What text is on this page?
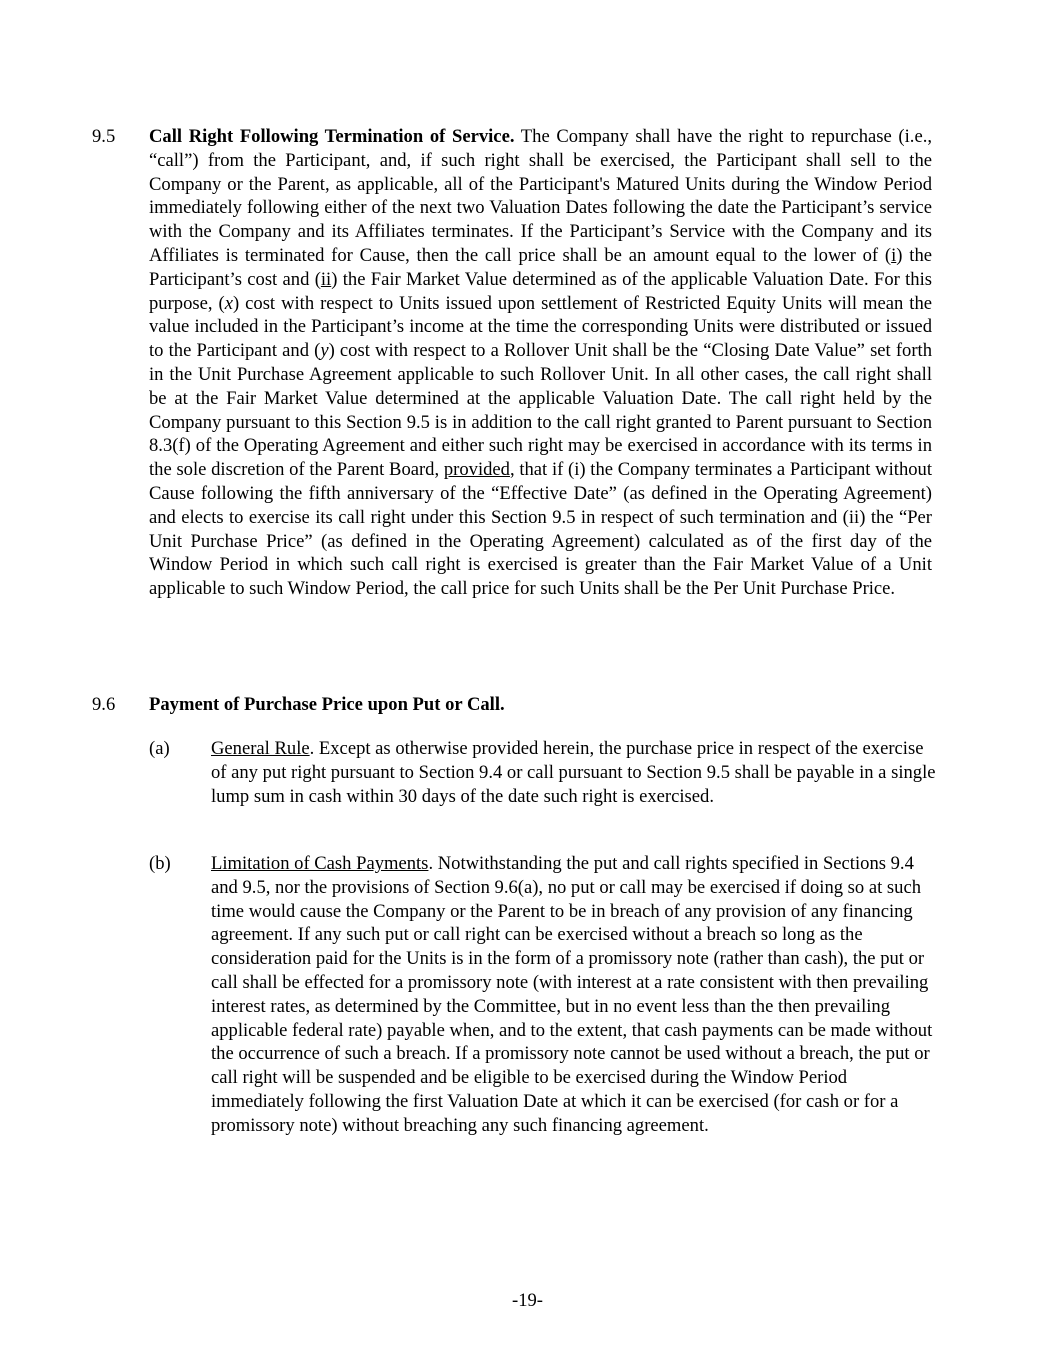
9.5 Call Right Following Termination of Service. The Company shall have the right to repurchase (i.e., “call”) from the Participant, and, if such right shall be exercised, the Participant shall sell to the Company or the Parent, as applicable, all of the Participant's Matured Units during the Window Period immediately following either of the next two Valuation Dates following the date the Participant’s service with the Company and its Affiliates terminates. If the Participant’s Service with the Company and its Affiliates is terminated for Cause, then the call price shall be an amount equal to the lower of (i) the Participant’s cost and (ii) the Fair Market Value determined as of the applicable Valuation Date. For this purpose, (x) cost with respect to Units issued upon settlement of Restricted Equity Units will mean the value included in the Participant’s income at the time the corresponding Units were distributed or issued to the Participant and (y) cost with respect to a Rollover Unit shall be the “Closing Date Value” set forth in the Unit Purchase Agreement applicable to such Rollover Unit. In all other cases, the call right shall be at the Fair Market Value determined at the applicable Valuation Date. The call right held by the Company pursuant to this Section 9.5 is in addition to the call right granted to Parent pursuant to Section 8.3(f) of the Operating Agreement and either such right may be exercised in accordance with its terms in the sole discretion of the Parent Board, provided, that if (i) the Company terminates a Participant without Cause following the fifth anniversary of the “Effective Date” (as defined in the Operating Agreement) and elects to exercise its call right under this Section 9.5 in respect of such termination and (ii) the “Per Unit Purchase Price” (as defined in the Operating Agreement) calculated as of the first day of the Window Period in which such call right is exercised is greater than the Fair Market Value of a Unit applicable to such Window Period, the call price for such Units shall be the Per Unit Purchase Price.
9.6 Payment of Purchase Price upon Put or Call.
(a) General Rule. Except as otherwise provided herein, the purchase price in respect of the exercise of any put right pursuant to Section 9.4 or call pursuant to Section 9.5 shall be payable in a single lump sum in cash within 30 days of the date such right is exercised.
(b) Limitation of Cash Payments. Notwithstanding the put and call rights specified in Sections 9.4 and 9.5, nor the provisions of Section 9.6(a), no put or call may be exercised if doing so at such time would cause the Company or the Parent to be in breach of any provision of any financing agreement. If any such put or call right can be exercised without a breach so long as the consideration paid for the Units is in the form of a promissory note (rather than cash), the put or call shall be effected for a promissory note (with interest at a rate consistent with then prevailing interest rates, as determined by the Committee, but in no event less than the then prevailing applicable federal rate) payable when, and to the extent, that cash payments can be made without the occurrence of such a breach. If a promissory note cannot be used without a breach, the put or call right will be suspended and be eligible to be exercised during the Window Period immediately following the first Valuation Date at which it can be exercised (for cash or for a promissory note) without breaching any such financing agreement.
-19-
